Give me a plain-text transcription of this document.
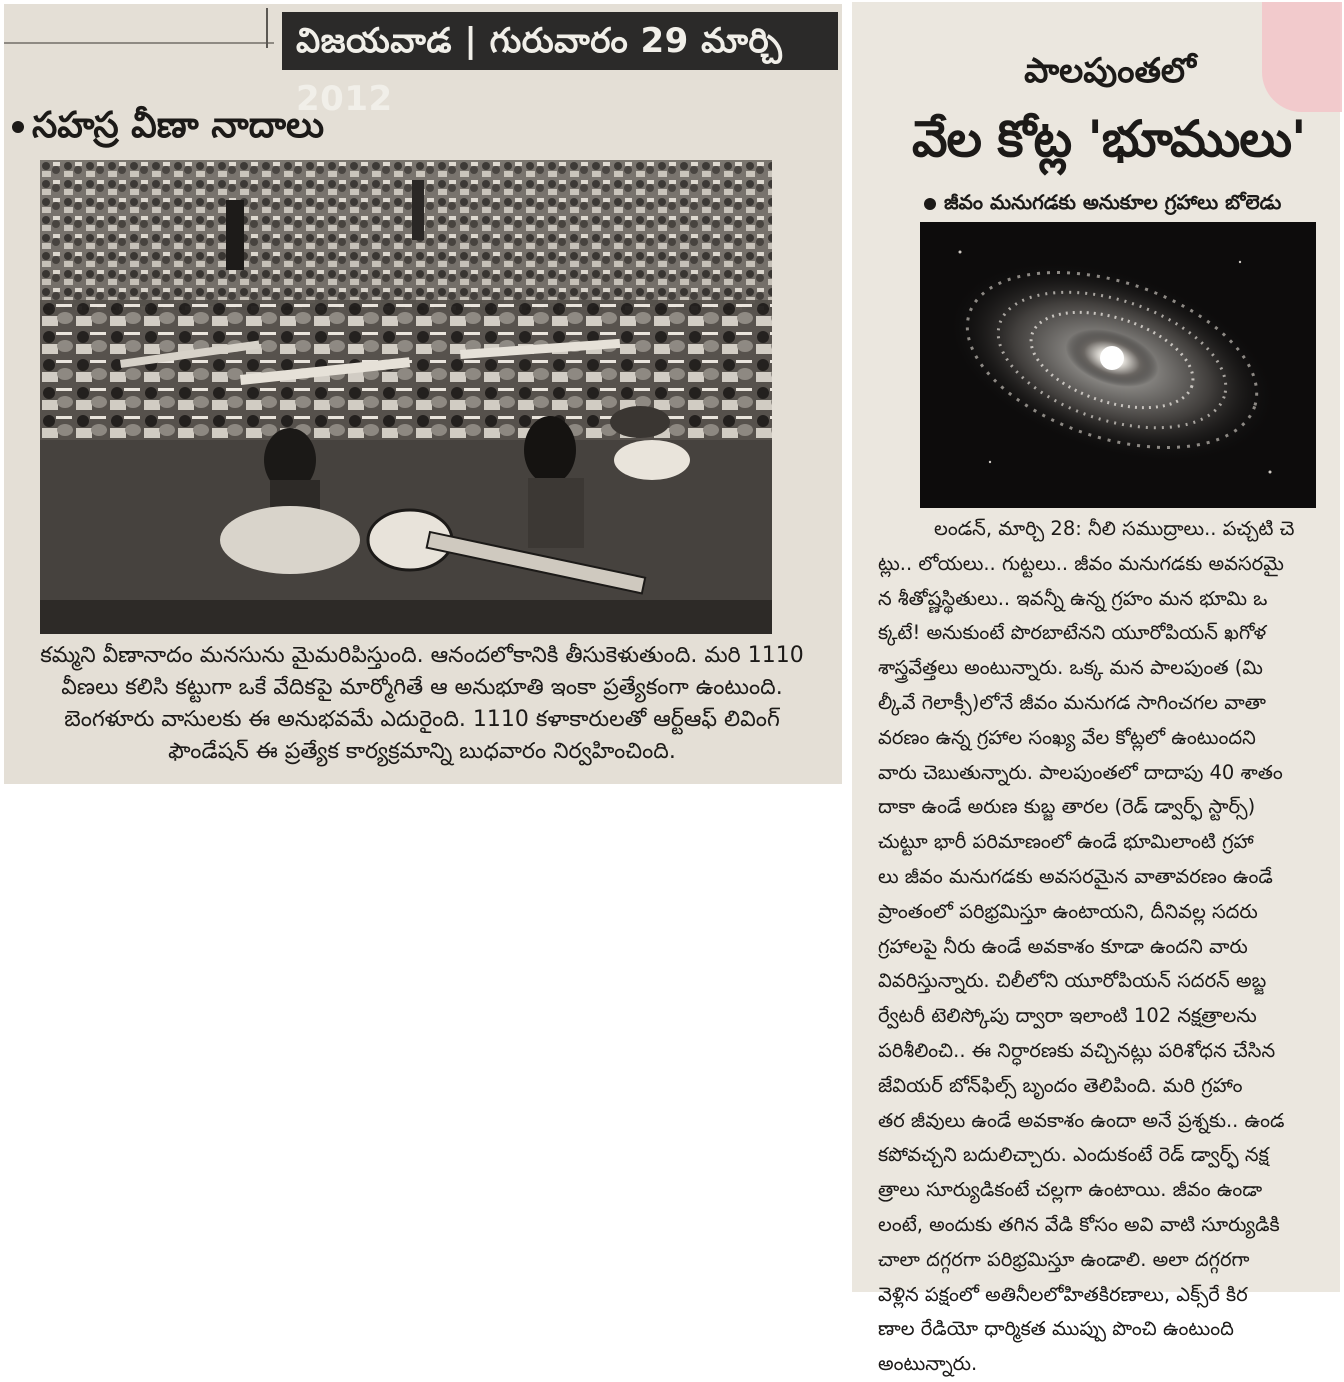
విజయవాడ | గురువారం 29 మార్చి 2012
సహస్ర వీణా నాదాలు

కమ్మని వీణానాదం మనసును మైమరిపిస్తుంది. ఆనందలోకానికి తీసుకెళుతుంది. మరి 1110

వీణలు కలిసి కట్టుగా ఒకే వేదికపై మార్మోగితే ఆ అనుభూతి ఇంకా ప్రత్యేకంగా ఉంటుంది.

బెంగళూరు వాసులకు ఈ అనుభవమే ఎదురైంది. 1110 కళాకారులతో ఆర్ట్‌ఆఫ్ లివింగ్

ఫౌండేషన్ ఈ ప్రత్యేక కార్యక్రమాన్ని బుధవారం నిర్వహించింది.

పాలపుంతలో
వేల కోట్ల 'భూములు'
జీవం మనుగడకు అనుకూల గ్రహాలు బోలెడు
లండన్, మార్చి 28: నీలి సముద్రాలు.. పచ్చటి చె
ట్లు.. లోయలు.. గుట్టలు.. జీవం మనుగడకు అవసరమై
న శీతోష్ణస్థితులు.. ఇవన్నీ ఉన్న గ్రహం మన భూమి ఒ
క్కటే! అనుకుంటే పొరబాటేనని యూరోపియన్ ఖగోళ
శాస్త్రవేత్తలు అంటున్నారు. ఒక్క మన పాలపుంత (మి
ల్కీవే గెలాక్సీ)లోనే జీవం మనుగడ సాగించగల వాతా
వరణం ఉన్న గ్రహాల సంఖ్య వేల కోట్లలో ఉంటుందని
వారు చెబుతున్నారు. పాలపుంతలో దాదాపు 40 శాతం
దాకా ఉండే అరుణ కుబ్జ తారల (రెడ్ డ్వార్ఫ్ స్టార్స్)
చుట్టూ భారీ పరిమాణంలో ఉండే భూమిలాంటి గ్రహా
లు జీవం మనుగడకు అవసరమైన వాతావరణం ఉండే
ప్రాంతంలో పరిభ్రమిస్తూ ఉంటాయని, దీనివల్ల సదరు
గ్రహాలపై నీరు ఉండే అవకాశం కూడా ఉందని వారు
వివరిస్తున్నారు. చిలీలోని యూరోపియన్ సదరన్ అబ్జ
ర్వేటరీ టెలిస్కోపు ద్వారా ఇలాంటి 102 నక్షత్రాలను
పరిశీలించి.. ఈ నిర్ధారణకు వచ్చినట్లు పరిశోధన చేసిన
జేవియర్ బోన్‌ఫిల్స్ బృందం తెలిపింది. మరి గ్రహాం
తర జీవులు ఉండే అవకాశం ఉందా అనే ప్రశ్నకు.. ఉండ
కపోవచ్చని బదులిచ్చారు. ఎందుకంటే రెడ్ డ్వార్ఫ్ నక్ష
త్రాలు సూర్యుడికంటే చల్లగా ఉంటాయి. జీవం ఉండా
లంటే, అందుకు తగిన వేడి కోసం అవి వాటి సూర్యుడికి
చాలా దగ్గరగా పరిభ్రమిస్తూ ఉండాలి. అలా దగ్గరగా
వెళ్లిన పక్షంలో అతినీలలోహితకిరణాలు, ఎక్స్‌రే కిర
ణాల రేడియో ధార్మికత ముప్పు పొంచి ఉంటుంది
అంటున్నారు.
